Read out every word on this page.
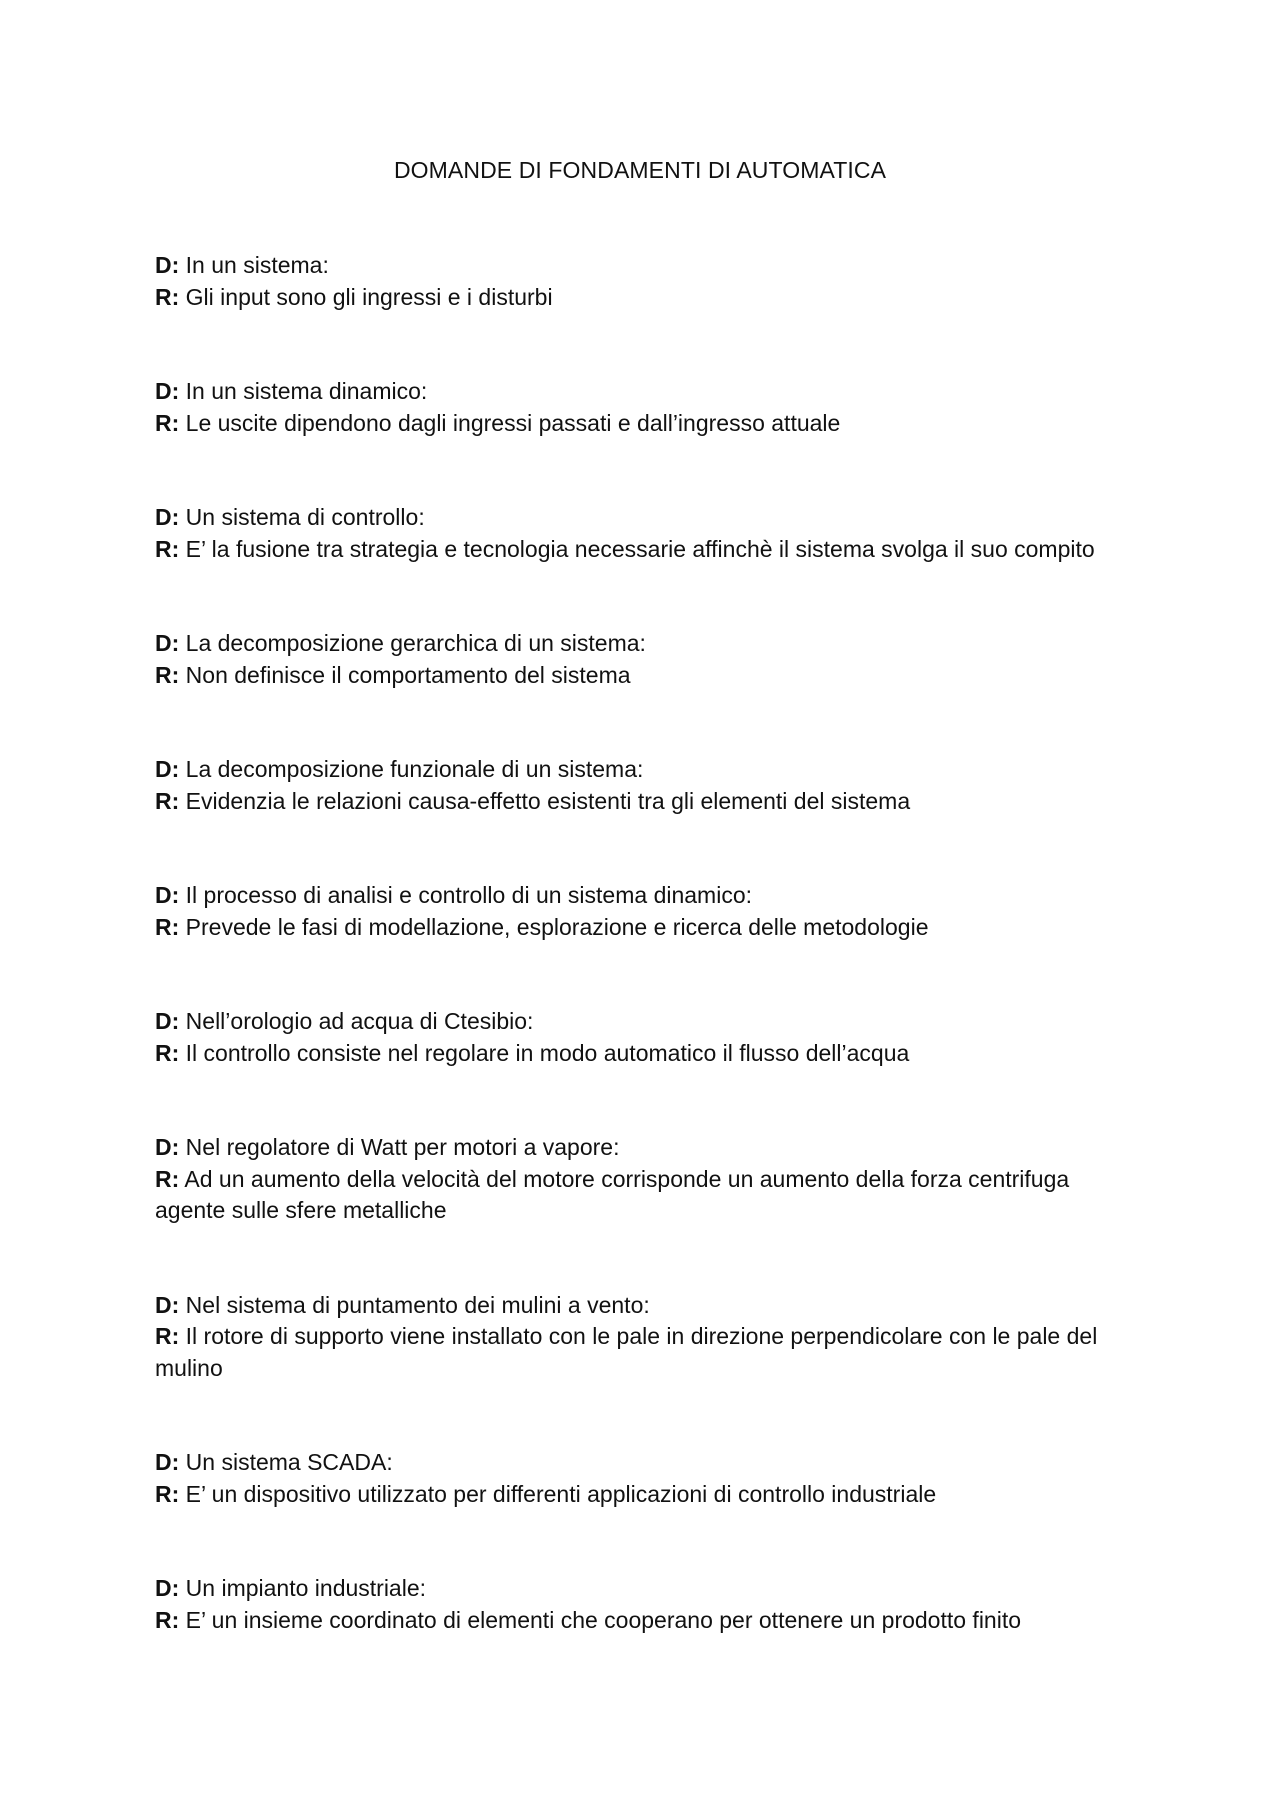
DOMANDE DI FONDAMENTI DI AUTOMATICA
D: In un sistema:
R: Gli input sono gli ingressi e i disturbi
D: In un sistema dinamico:
R: Le uscite dipendono dagli ingressi passati e dall’ingresso attuale
D: Un sistema di controllo:
R: E’ la fusione tra strategia e tecnologia necessarie affinchè il sistema svolga il suo compito
D: La decomposizione gerarchica di un sistema:
R: Non definisce il comportamento del sistema
D: La decomposizione funzionale di un sistema:
R: Evidenzia le relazioni causa-effetto esistenti tra gli elementi del sistema
D: Il processo di analisi e controllo di un sistema dinamico:
R: Prevede le fasi di modellazione, esplorazione e ricerca delle metodologie
D: Nell’orologio ad acqua di Ctesibio:
R: Il controllo consiste nel regolare in modo automatico il flusso dell’acqua
D: Nel regolatore di Watt per motori a vapore:
R: Ad un aumento della velocità del motore corrisponde un aumento della forza centrifuga agente sulle sfere metalliche
D: Nel sistema di puntamento dei mulini a vento:
R: Il rotore di supporto viene installato con le pale in direzione perpendicolare con le pale del mulino
D: Un sistema SCADA:
R: E’ un dispositivo utilizzato per differenti applicazioni di controllo industriale
D: Un impianto industriale:
R: E’ un insieme coordinato di elementi che cooperano per ottenere un prodotto finito
